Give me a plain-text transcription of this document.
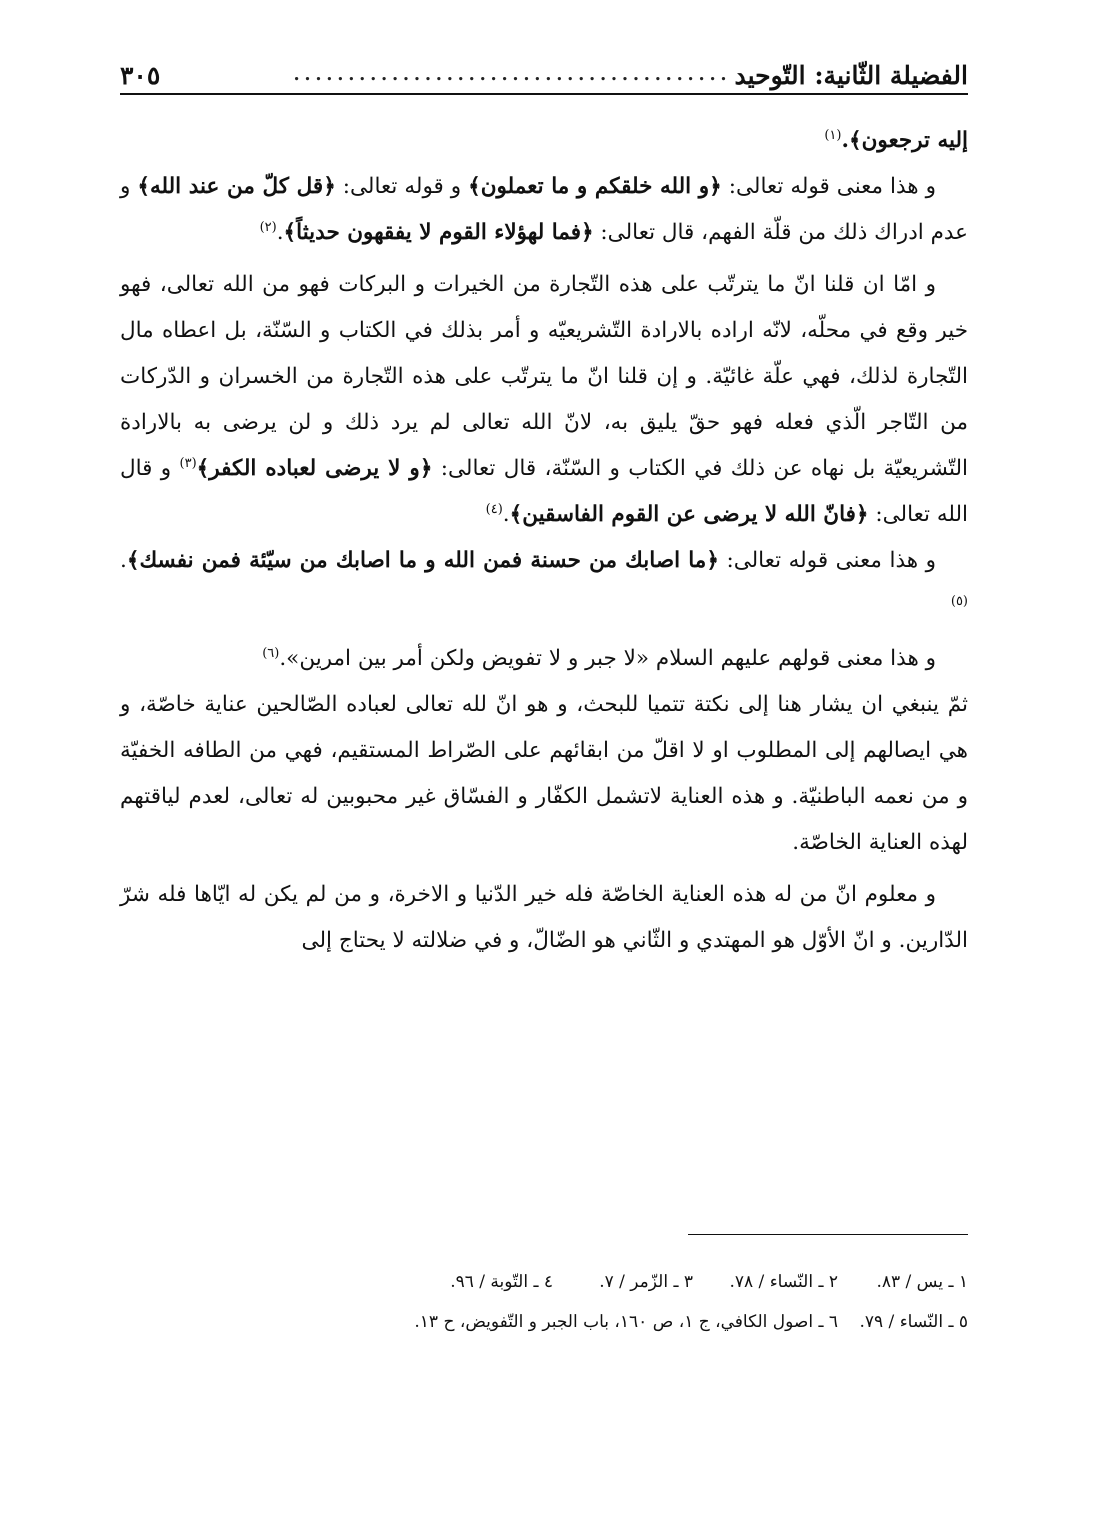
الفضيلة الثّانية: التّوحيد
........................................
٣٠٥

إليه ترجعون﴾.$^{(١)}$

و هذا معنى قوله تعالى: ﴿و الله خلقكم و ما تعملون﴾ و قوله تعالى: ﴿قل كلّ من عند الله﴾ و عدم ادراك ذلك من قلّة الفهم، قال تعالى: ﴿فما لهؤلاء القوم لا يفقهون حديثاً﴾.$^{(٢)}$

و امّا ان قلنا انّ ما يترتّب على هذه التّجارة من الخيرات و البركات فهو من الله تعالى، فهو خير وقع في محلّه، لانّه اراده بالارادة التّشريعيّه و أمر بذلك في الكتاب و السّنّة، بل اعطاه مال التّجارة لذلك، فهي علّة غائيّة. و إن قلنا انّ ما يترتّب على هذه التّجارة من الخسران و الدّركات من التّاجر الّذي فعله فهو حقّ يليق به، لانّ الله تعالى لم يرد ذلك و لن يرضى به بالارادة التّشريعيّة بل نهاه عن ذلك في الكتاب و السّنّة، قال تعالى: ﴿و لا يرضى لعباده الكفر﴾$^{(٣)}$ و قال الله تعالى: ﴿فانّ الله لا يرضى عن القوم الفاسقين﴾.$^{(٤)}$

و هذا معنى قوله تعالى: ﴿ما اصابك من حسنة فمن الله و ما اصابك من سيّئة فمن نفسك﴾.$^{(٥)}$

و هذا معنى قولهم عليهم السلام «لا جبر و لا تفويض ولكن أمر بين امرين».$^{(٦)}$

ثمّ ينبغي ان يشار هنا إلى نكتة تتميا للبحث، و هو انّ لله تعالى لعباده الصّالحين عناية خاصّة، و هي ايصالهم إلى المطلوب او لا اقلّ من ابقائهم على الصّراط المستقيم، فهي من الطافه الخفيّة و من نعمه الباطنيّة. و هذه العناية لاتشمل الكفّار و الفسّاق غير محبوبين له تعالى، لعدم لياقتهم لهذه العناية الخاصّة.

و معلوم انّ من له هذه العناية الخاصّة فله خير الدّنيا و الاخرة، و من لم يكن له ايّاها فله شرّ الدّارين. و انّ الأوّل هو المهتدي و الثّاني هو الضّالّ، و في ضلالته لا يحتاج إلى

١ ـ يس / ٨٣.
٢ ـ النّساء / ٧٨.
٣ ـ الزّمر / ٧.
٤ ـ التّوبة / ٩٦.
٥ ـ النّساء / ٧٩.
٦ ـ اصول الكافي، ج ١، ص ١٦٠، باب الجبر و التّفويض، ح ١٣.
